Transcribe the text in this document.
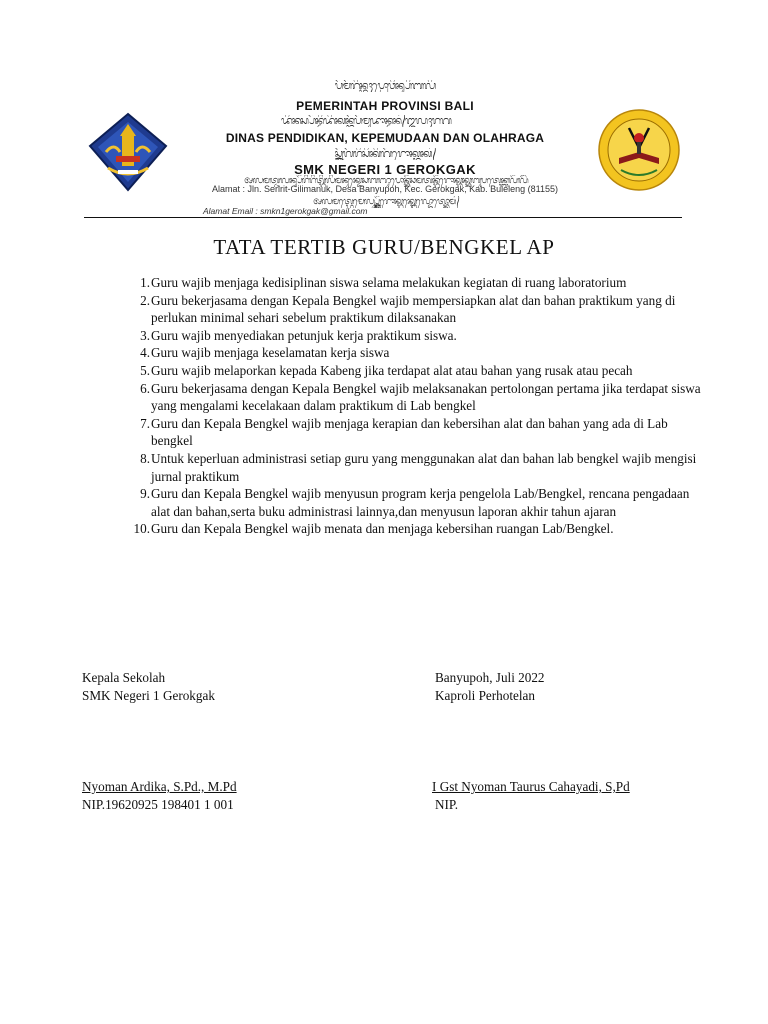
ᬧᭂᬫᭂᬭᬶᬦ᭄ᬢᬄᬧ᭄ᬭᭀᬯᬶᬦ᭄ᬲᬶᬩᬮᬶ
PEMERINTAH PROVINSI BALI
ᬤᬶᬦᬲ᭄ᬧᭂᬦ᭄ᬤᬶᬤᬶᬓᬦ᭄ᬓᭂᬧᭂᬫᬸᬤᬵᬦ᭄ᬤᬦ᭄ᬑᬮᬄᬭᬕ
DINAS PENDIDIKAN, KEPEMUDAAN DAN OLAHRAGA
ᬲ᭄ᬫ᭄ᬓ᭄ᬦᭂᬕᭂᬭᬶᬲᬶᬓᬶᬕᭂᬭᭀᬓ᭄ᬕᬓ᭄
SMK NEGERI 1 GEROKGAK
ᬅᬮᬫᬢ᭄ᬚᬮᬦ᭄ᬲᭂᬭᬶᬭᬶᬢ᭄ᬕᬶᬮᬶᬫᬦᬸᬓ᭄ᬤᬾᬲᬩᬜᬸᬧᭀᬦ᭄ᬓᭂᬘᬫᬢᬦ᭄ᬕᭂᬭᭀᬓ᭄ᬕᬓ᭄ᬓᬩᬸᬧᬢᬾᬦ᭄ᬩᬸᬮᭂᬮᭂᬂ
Alamat : Jln. Seririt-Gilimanuk, Desa Banyupoh, Kec. Gerokgak, Kab. Buleleng (81155)
ᬅᬮᬫᬢ᭄ᬳᬾᬫᬾᬮ᭄ᬲ᭄ᬫ᭄ᬓ᭄ᬦ᭄ᬕᭂᬭᭀᬓ᭄ᬕᬓ᭄ᬕ᭄ᬫᬾᬮ᭄ᬤᭀᬢ᭄ᬓᭀᬫ᭄
Alamat Email : smkn1gerokgak@gmail.com
TATA TERTIB GURU/BENGKEL AP
1. Guru wajib menjaga kedisiplinan siswa selama melakukan kegiatan di ruang laboratorium
2. Guru bekerjasama dengan Kepala Bengkel wajib mempersiapkan alat dan bahan praktikum yang di perlukan minimal sehari sebelum praktikum dilaksanakan
3. Guru wajib menyediakan petunjuk kerja praktikum siswa.
4. Guru wajib menjaga keselamatan kerja siswa
5. Guru wajib melaporkan kepada Kabeng jika terdapat alat atau bahan yang rusak atau pecah
6. Guru bekerjasama dengan Kepala Bengkel wajib melaksanakan pertolongan pertama jika terdapat siswa yang mengalami kecelakaan dalam praktikum di Lab bengkel
7. Guru dan Kepala Bengkel wajib menjaga kerapian dan kebersihan alat dan bahan yang ada di Lab bengkel
8. Untuk keperluan administrasi setiap guru yang menggunakan alat dan bahan lab bengkel wajib mengisi jurnal praktikum
9. Guru dan Kepala Bengkel wajib menyusun program kerja pengelola Lab/Bengkel, rencana pengadaan alat dan bahan,serta buku administrasi lainnya,dan menyusun laporan akhir tahun ajaran
10. Guru dan Kepala Bengkel wajib menata dan menjaga kebersihan ruangan Lab/Bengkel.
Kepala Sekolah
SMK Negeri 1 Gerokgak
Nyoman Ardika, S.Pd., M.Pd
NIP.19620925 198401 1 001
Banyupoh, Juli 2022
Kaproli Perhotelan
I Gst Nyoman Taurus Cahayadi, S,Pd
NIP.
